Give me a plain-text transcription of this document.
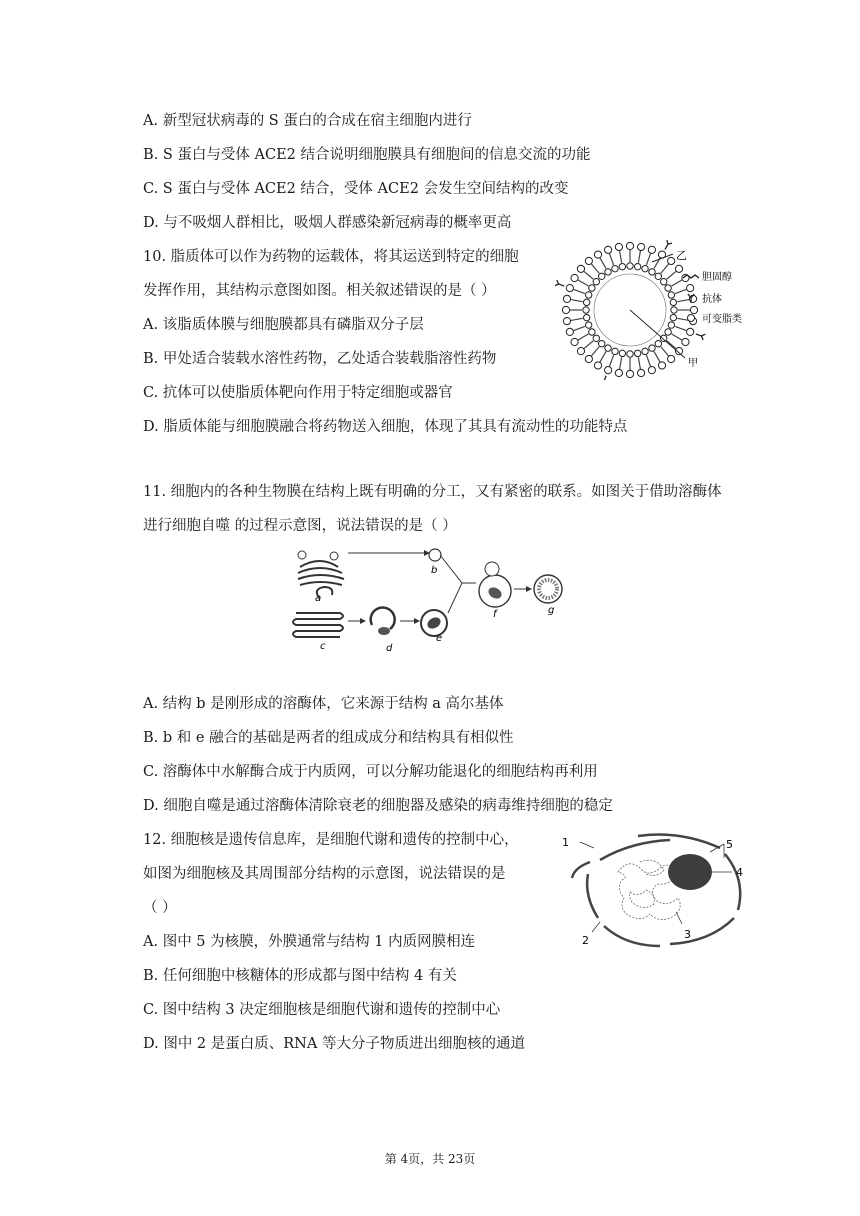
A. 新型冠状病毒的 S 蛋白的合成在宿主细胞内进行
B. S 蛋白与受体 ACE2 结合说明细胞膜具有细胞间的信息交流的功能
C. S 蛋白与受体 ACE2 结合，受体 ACE2 会发生空间结构的改变
D. 与不吸烟人群相比，吸烟人群感染新冠病毒的概率更高
10. 脂质体可以作为药物的运载体，将其运送到特定的细胞
发挥作用，其结构示意图如图。相关叙述错误的是（ ）
A. 该脂质体膜与细胞膜都具有磷脂双分子层
B. 甲处适合装载水溶性药物，乙处适合装载脂溶性药物
C. 抗体可以使脂质体靶向作用于特定细胞或器官
D. 脂质体能与细胞膜融合将药物送入细胞，体现了其具有流动性的功能特点
乙
甲
胆固醇
抗体
可变脂类
11. 细胞内的各种生物膜在结构上既有明确的分工，又有紧密的联系。如图关于借助溶酶体
进行细胞自噬 的过程示意图，说法错误的是（ ）
a
b
c	d
e
f	g
A. 结构 b 是刚形成的溶酶体，它来源于结构 a 高尔基体
B. b 和 e 融合的基础是两者的组成成分和结构具有相似性
C. 溶酶体中水解酶合成于内质网，可以分解功能退化的细胞结构再利用
D. 细胞自噬是通过溶酶体清除衰老的细胞器及感染的病毒维持细胞的稳定
12. 细胞核是遗传信息库，是细胞代谢和遗传的控制中心，
如图为细胞核及其周围部分结构的示意图，说法错误的是
（ ）
A. 图中 5 为核膜，外膜通常与结构 1 内质网膜相连
B. 任何细胞中核糖体的形成都与图中结构 4 有关
C. 图中结构 3 决定细胞核是细胞代谢和遗传的控制中心
D. 图中 2 是蛋白质、RNA 等大分子物质进出细胞核的通道
1
2	3
4
5
第 4页，共 23页
